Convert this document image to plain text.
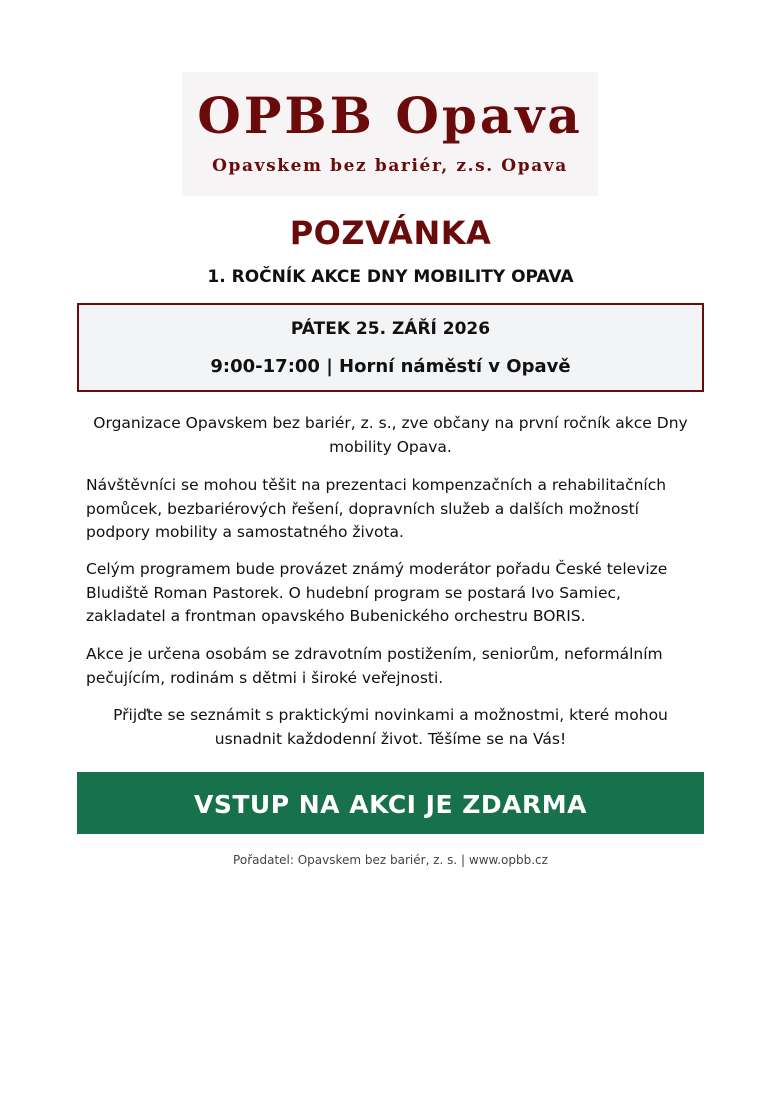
OPBB Opava
Opavskem bez bariér, z.s. Opava
POZVÁNKA
1. ROČNÍK AKCE DNY MOBILITY OPAVA
PÁTEK 25. ZÁŘÍ 2026
9:00-17:00 | Horní náměstí v Opavě

Organizace Opavskem bez bariér, z. s., zve občany na první ročník akce Dny mobility Opava.

Návštěvníci se mohou těšit na prezentaci kompenzačních a rehabilitačních pomůcek, bezbariérových řešení, dopravních služeb a dalších možností podpory mobility a samostatného života.

Celým programem bude provázet známý moderátor pořadu České televize Bludiště Roman Pastorek. O hudební program se postará Ivo Samiec, zakladatel a frontman opavského Bubenického orchestru BORIS.

Akce je určena osobám se zdravotním postižením, seniorům, neformálním pečujícím, rodinám s dětmi i široké veřejnosti.

Přijďte se seznámit s praktickými novinkami a možnostmi, které mohou usnadnit každodenní život. Těšíme se na Vás!

VSTUP NA AKCI JE ZDARMA
Pořadatel: Opavskem bez bariér, z. s. | www.opbb.cz
